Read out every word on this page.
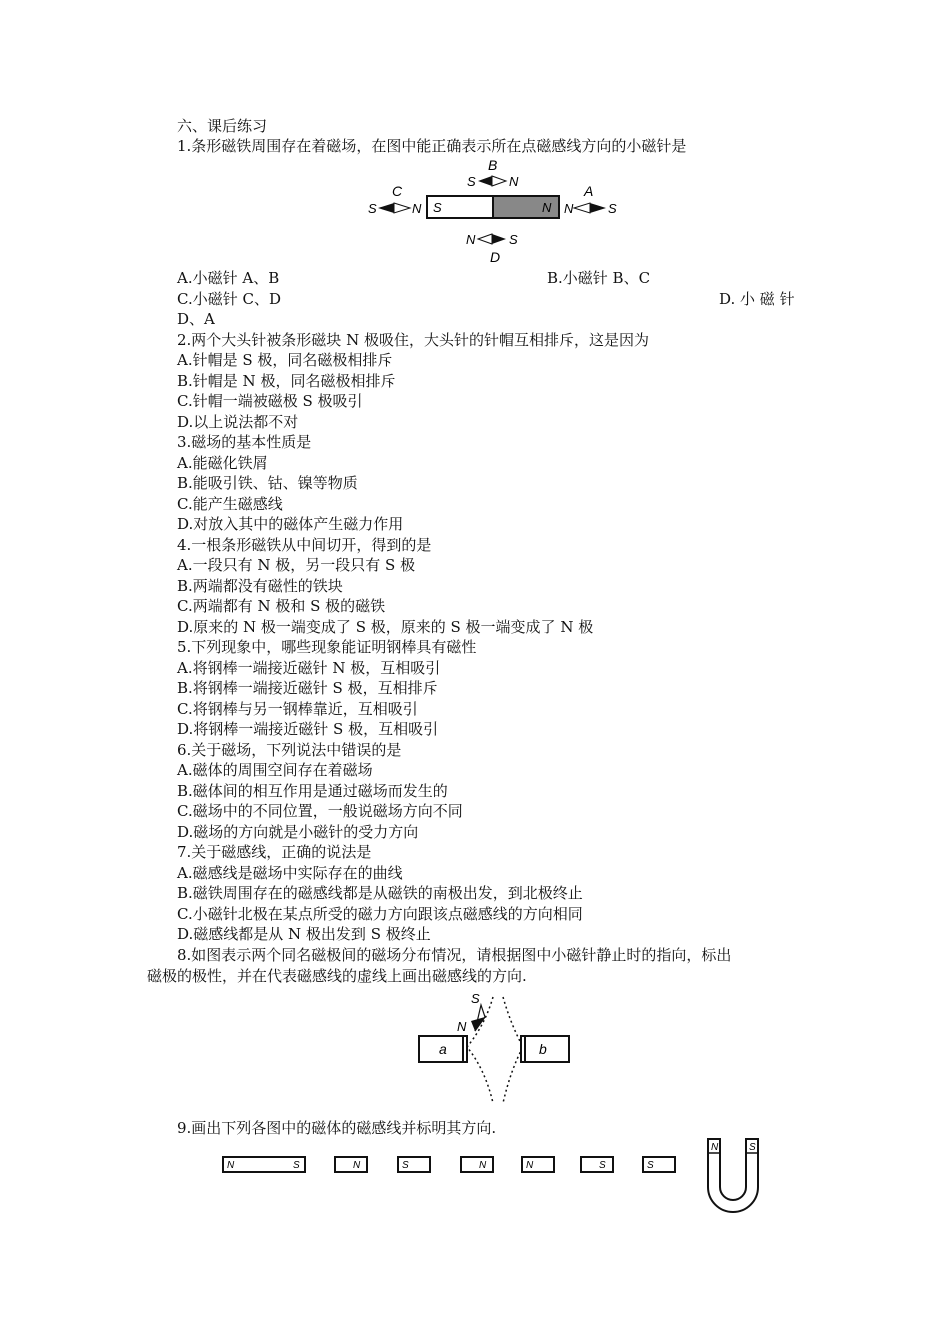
六、课后练习
1.条形磁铁周围存在着磁场，在图中能正确表示所在点磁感线方向的小磁针是
B
S	N
S	N
C
S	N
A
N	S
N	S
D
A.小磁针 A、B	B.小磁针 B、C
C.小磁针 C、D	D. 小 磁 针
D、A
2.两个大头针被条形磁块 N 极吸住，大头针的针帽互相排斥，这是因为
A.针帽是 S 极，同名磁极相排斥
B.针帽是 N 极，同名磁极相排斥
C.针帽一端被磁极 S 极吸引
D.以上说法都不对
3.磁场的基本性质是
A.能磁化铁屑
B.能吸引铁、钴、镍等物质
C.能产生磁感线
D.对放入其中的磁体产生磁力作用
4.一根条形磁铁从中间切开，得到的是
A.一段只有 N 极，另一段只有 S 极
B.两端都没有磁性的铁块
C.两端都有 N 极和 S 极的磁铁
D.原来的 N 极一端变成了 S 极，原来的 S 极一端变成了 N 极
5.下列现象中，哪些现象能证明钢棒具有磁性
A.将钢棒一端接近磁针 N 极，互相吸引
B.将钢棒一端接近磁针 S 极，互相排斥
C.将钢棒与另一钢棒靠近，互相吸引
D.将钢棒一端接近磁针 S 极，互相吸引
6.关于磁场，下列说法中错误的是
A.磁体的周围空间存在着磁场
B.磁体间的相互作用是通过磁场而发生的
C.磁场中的不同位置，一般说磁场方向不同
D.磁场的方向就是小磁针的受力方向
7.关于磁感线，正确的说法是
A.磁感线是磁场中实际存在的曲线
B.磁铁周围存在的磁感线都是从磁铁的南极出发，到北极终止
C.小磁针北极在某点所受的磁力方向跟该点磁感线的方向相同
D.磁感线都是从 N 极出发到 S 极终止
8.如图表示两个同名磁极间的磁场分布情况，请根据图中小磁针静止时的指向，标出
磁极的极性，并在代表磁感线的虚线上画出磁感线的方向.
S
N
a	b
9.画出下列各图中的磁体的磁感线并标明其方向.
N	S	N	S	N	N	S	S
N	S
